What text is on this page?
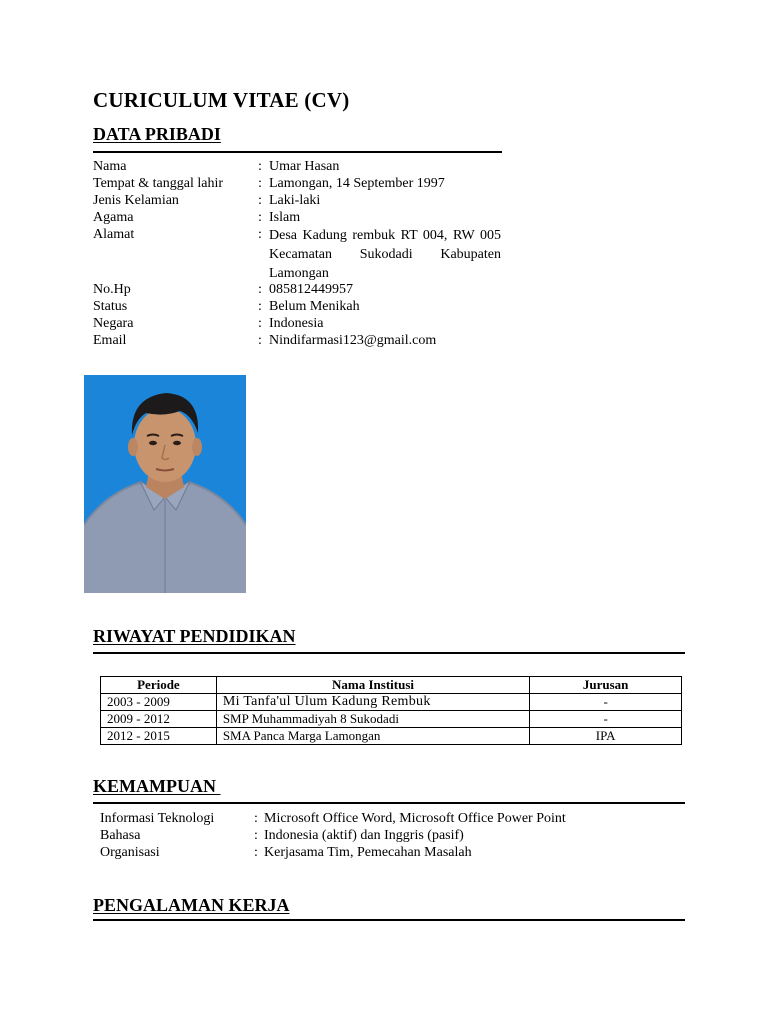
CURICULUM VITAE (CV)
DATA PRIBADI
Nama	: Umar Hasan
Tempat & tanggal lahir : Lamongan, 14 September 1997
Jenis Kelamian	: Laki-laki
Agama	: Islam
Alamat	: Desa Kadung rembuk RT 004, RW 005 Kecamatan Sukodadi Kabupaten Lamongan
No.Hp	: 085812449957
Status	: Belum Menikah
Negara	: Indonesia
Email	: Nindifarmasi123@gmail.com
RIWAYAT PENDIDIKAN
Periode	Nama Institusi	Jurusan
2003 - 2009	Mi Tanfa'ul Ulum Kadung Rembuk	-
2009 - 2012	SMP Muhammadiyah 8 Sukodadi	-
2012 - 2015	SMA Panca Marga Lamongan	IPA
KEMAMPUAN
Informasi Teknologi	: Microsoft Office Word, Microsoft Office Power Point
Bahasa	: Indonesia (aktif) dan Inggris (pasif)
Organisasi	: Kerjasama Tim, Pemecahan Masalah
PENGALAMAN KERJA
